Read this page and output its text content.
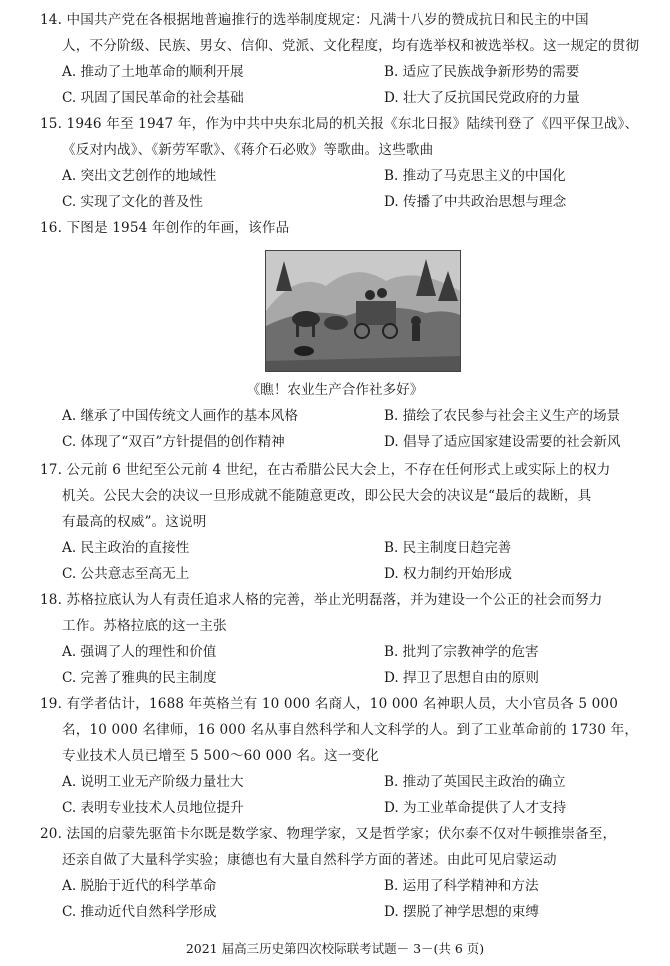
14. 中国共产党在各根据地普遍推行的选举制度规定：凡满十八岁的赞成抗日和民主的中国
人，不分阶级、民族、男女、信仰、党派、文化程度，均有选举权和被选举权。这一规定的贯彻
A. 推动了土地革命的顺利开展	B. 适应了民族战争新形势的需要
C. 巩固了国民革命的社会基础	D. 壮大了反抗国民党政府的力量
15. 1946 年至 1947 年，作为中共中央东北局的机关报《东北日报》陆续刊登了《四平保卫战》、
《反对内战》、《新劳军歌》、《蒋介石必败》等歌曲。这些歌曲
A. 突出文艺创作的地域性	B. 推动了马克思主义的中国化
C. 实现了文化的普及性	D. 传播了中共政治思想与理念
16. 下图是 1954 年创作的年画，该作品
《瞧！农业生产合作社多好》
A. 继承了中国传统文人画作的基本风格	B. 描绘了农民参与社会主义生产的场景
C. 体现了“双百”方针提倡的创作精神	D. 倡导了适应国家建设需要的社会新风
17. 公元前 6 世纪至公元前 4 世纪，在古希腊公民大会上，不存在任何形式上或实际上的权力
机关。公民大会的决议一旦形成就不能随意更改，即公民大会的决议是“最后的裁断，具
有最高的权威”。这说明
A. 民主政治的直接性	B. 民主制度日趋完善
C. 公共意志至高无上	D. 权力制约开始形成
18. 苏格拉底认为人有责任追求人格的完善，举止光明磊落，并为建设一个公正的社会而努力
工作。苏格拉底的这一主张
A. 强调了人的理性和价值	B. 批判了宗教神学的危害
C. 完善了雅典的民主制度	D. 捍卫了思想自由的原则
19. 有学者估计，1688 年英格兰有 10 000 名商人，10 000 名神职人员，大小官员各 5 000
名，10 000 名律师，16 000 名从事自然科学和人文科学的人。到了工业革命前的 1730 年，
专业技术人员已增至 5 500～60 000 名。这一变化
A. 说明工业无产阶级力量壮大	B. 推动了英国民主政治的确立
C. 表明专业技术人员地位提升	D. 为工业革命提供了人才支持
20. 法国的启蒙先驱笛卡尔既是数学家、物理学家，又是哲学家；伏尔泰不仅对牛顿推崇备至，
还亲自做了大量科学实验；康德也有大量自然科学方面的著述。由此可见启蒙运动
A. 脱胎于近代的科学革命	B. 运用了科学精神和方法
C. 推动近代自然科学形成	D. 摆脱了神学思想的束缚
2021 届高三历史第四次校际联考试题－ 3－(共 6 页)
